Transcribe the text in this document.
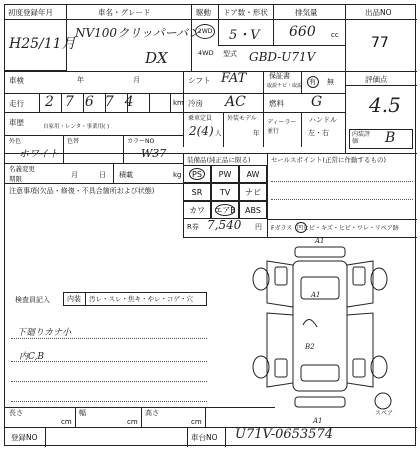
初度登録年月
H25/11月
車名・グレード
NV100クリッパーバン
DX
駆動
2WD
4WD
ドア数・形状
5・V
排気量
660 cc
型式 GBD-U71V
出品NO
77
車検	年	月	シフト FAT	保証書
取説ナビ・取説 有 無	評価点
4.5
走行 27674	km 冷房 AC	燃料 G
車歴	自家用・レンタ・事業用( )
乗車定員
2(4) 人
外装モデル
年
ディーラー並行
ハンドル
左・右	内装評価	B
外色
ホワイト
色替	カラーNO
W37
名義変更
期限	月	日 積載	kg
注意事項(欠品・修復・不具合箇所および状態)
装備品(純正品に限る)
PS PW AW
SR TV ナビ
カワ エアB ABS
R券 7,540 円
セールスポイント(正常に作動するもの)
Fガラス 凹ヒビ・キズ・ヒビ・ワレ・リペア跡
検査員記入 内装 汚レ・スレ・焦キ・やレ・コゲ・穴
下廻りカナ小
内C,B
A1
B2
A1
A1
スペア
長さ
cm
幅
cm
高さ
cm
登録NO	車台NO U71V-0653574
